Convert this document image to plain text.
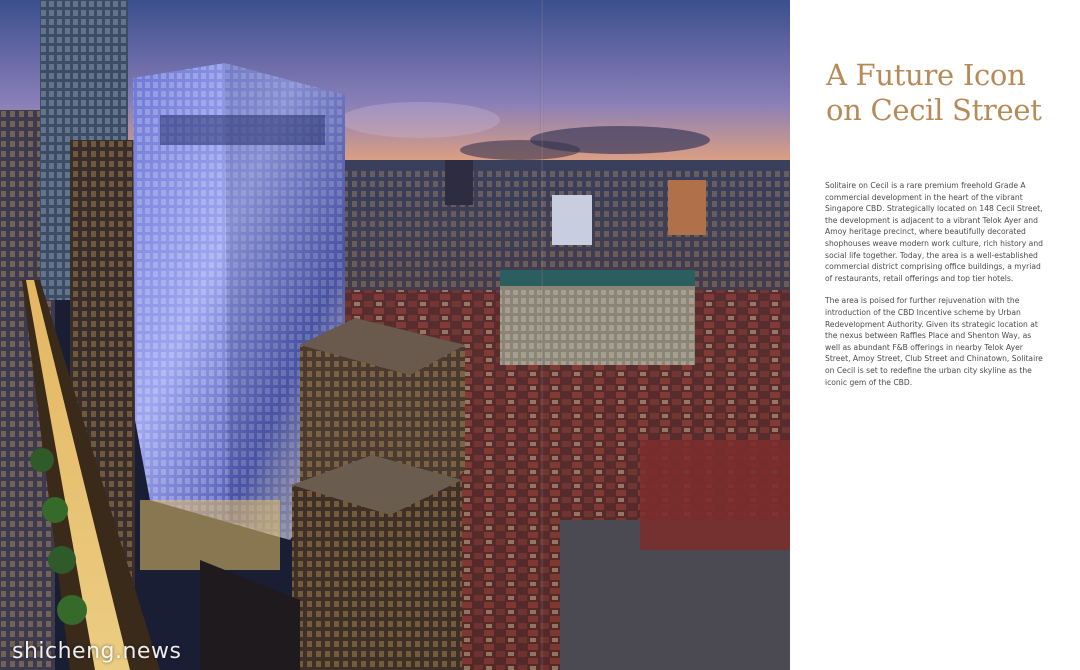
shicheng.news
A Future Icon
on Cecil Street

Solitaire on Cecil is a rare premium freehold Grade A commercial development in the heart of the vibrant Singapore CBD. Strategically located on 148 Cecil Street, the development is adjacent to a vibrant Telok Ayer and Amoy heritage precinct, where beautifully decorated shophouses weave modern work culture, rich history and social life together. Today, the area is a well-established commercial district comprising office buildings, a myriad of restaurants, retail offerings and top tier hotels.

The area is poised for further rejuvenation with the introduction of the CBD Incentive scheme by Urban Redevelopment Authority. Given its strategic location at the nexus between Raffles Place and Shenton Way, as well as abundant F&B offerings in nearby Telok Ayer Street, Amoy Street, Club Street and Chinatown, Solitaire on Cecil is set to redefine the urban city skyline as the iconic gem of the CBD.
